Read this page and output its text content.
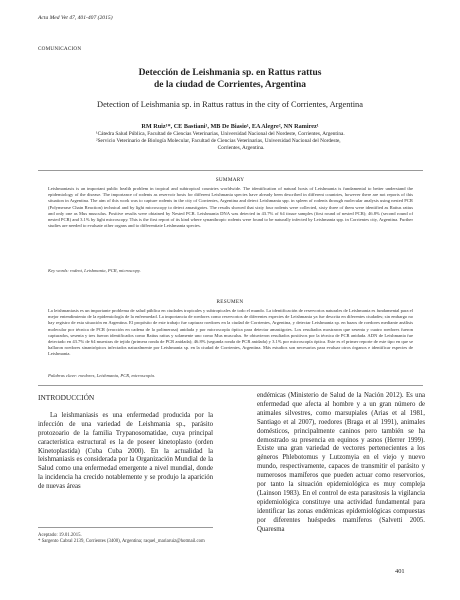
Acta Med Vet 47, 401-407 (2015)
COMUNICACION
Detección de Leishmania sp. en Rattus rattus
de la ciudad de Corrientes, Argentina
Detection of Leishmania sp. in Rattus rattus in the city of Corrientes, Argentina
RM Ruiz¹*, CE Bastiani¹, MB De Biasio¹, EA Alegre², NN Ramirez¹

¹Cátedra Salud Pública, Facultad de Ciencias Veterinarias, Universidad Nacional del Nordeste, Corrientes, Argentina.

²Servicio Veterinario de Biología Molecular, Facultad de Ciencias Veterinarias, Universidad Nacional del Nordeste,

Corrientes, Argentina.

SUMMARY
Leishmaniasis is an important public health problem in tropical and subtropical countries worldwide. The identification of natural hosts of Leishmania is fundamental to better understand the epidemiology of the disease. The importance of rodents as reservoir hosts for different Leishmania species have already been described in different countries, however there are not reports of this situation in Argentina. The aim of this work was to capture rodents in the city of Corrientes, Argentina and detect Leishmania spp. in spleen of rodents through molecular analysis using nested PCR (Polymerase Chain Reaction) technical and by light microscopy to detect amastigotes. The results showed that sixty four rodents were collected, sixty three of them were identified as Rattus rattus and only one as Mus musculus. Positive results were obtained by Nested PCR. Leishmania DNA was detected in 43.7% of 64 tissue samples (first round of nested PCR); 46.8% (second round of nested PCR) and 3.1% by light microscopy. This is the first report of its kind where synanthropic rodents were found to be naturally infected by Leishmania spp. in Corrientes city, Argentina. Further studies are needed to evaluate other organs and to differentiate Leishmania species.
Key words: rodent, Leishmania, PCR, microscopy.
RESUMEN
La leishmaniasis es un importante problema de salud pública en ciudades tropicales y subtropicales de todo el mundo. La identificación de reservorios naturales de Leishmania es fundamental para el mejor entendimiento de la epidemiología de la enfermedad. La importancia de roedores como reservorios de diferentes especies de Leishmania ya fue descrita en diferentes ciudades; sin embargo no hay registro de esta situación en Argentina. El propósito de este trabajo fue capturar roedores en la ciudad de Corrientes, Argentina, y detectar Leishmania sp. en bazos de roedores mediante análisis molecular por técnica de PCR (reacción en cadena de la polimerasa) anidada y por microscopía óptica para detectar amastigotes. Los resultados mostraron que sesenta y cuatro roedores fueron capturados, sesenta y tres fueron identificados como Rattus rattus y solamente uno como Mus musculus. Se obtuvieron resultados positivos por la técnica de PCR anidada. ADN de Leishmania fue detectado en 43.7% de 64 muestras de tejido (primera ronda de PCR anidada); 46.8% (segunda ronda de PCR anidada) y 3.1% por microscopía óptica. Este es el primer reporte de este tipo en que se hallaron roedores sinantrópicos infectados naturalmente por Leishmania sp. en la ciudad de Corrientes, Argentina. Más estudios son necesarios para evaluar otros órganos e identificar especies de Leishmania.
Palabras clave: roedores, Leishmania, PCR, microscopía.

INTRODUCCIÓN

La leishmaniasis es una enfermedad producida por la infección de una variedad de Leishmania sp., parásito protozoario de la familia Trypanosomatidae, cuya principal característica estructural es la de poseer kinetoplasto (orden Kinetoplastida) (Cuba Cuba 2000). En la actualidad la leishmaniasis es considerada por la Organización Mundial de la Salud como una enfermedad emergente a nivel mundial, donde la incidencia ha crecido notablemente y se produjo la aparición de nuevas áreas

endémicas (Ministerio de Salud de la Nación 2012). Es una enfermedad que afecta al hombre y a un gran número de animales silvestres, como marsupiales (Arias et al 1981, Santiago et al 2007), roedores (Braga et al 1991), animales domésticos, principalmente caninos pero también se ha demostrado su presencia en equinos y asnos (Herrer 1999). Existe una gran variedad de vectores pertenecientes a los géneros Phlebotomus y Lutzomyia en el viejo y nuevo mundo, respectivamente, capaces de transmitir el parásito y numerosos mamíferos que pueden actuar como reservorios, por tanto la situación epidemiológica es muy compleja (Lainson 1983). En el control de esta parasitosis la vigilancia epidemiológica constituye una actividad fundamental para identificar las zonas endémicas epidemiológicas compuestas por diferentes huéspedes mamíferos (Salvetti 2005. Quaresma

Aceptado: 19.01.2015.

* Sargento Cabral 2139, Corrientes (3400), Argentina; raquel_mariaruiz@hotmail.com

401
